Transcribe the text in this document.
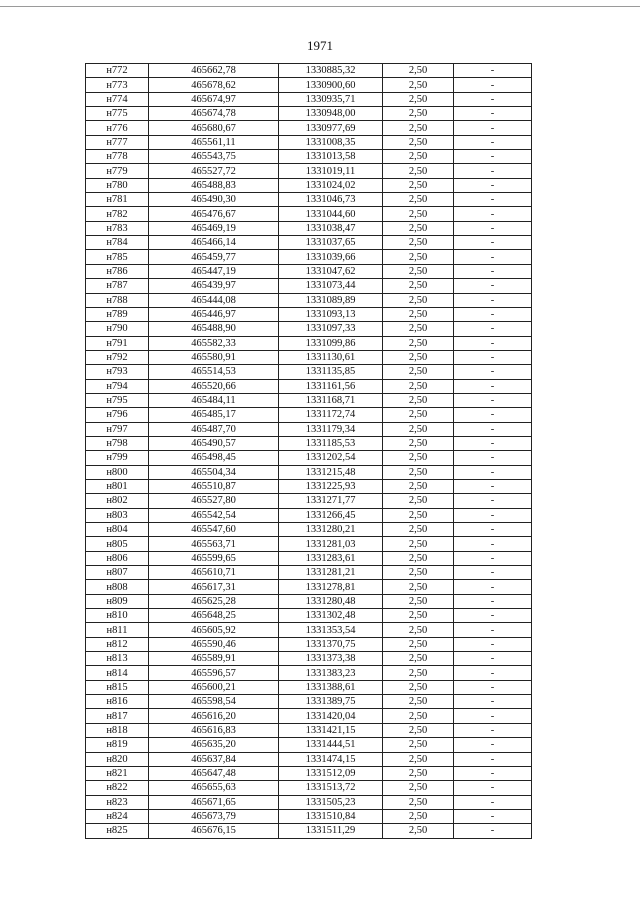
1971
н772	465662,78	1330885,32	2,50	-
н773	465678,62	1330900,60	2,50	-
н774	465674,97	1330935,71	2,50	-
н775	465674,78	1330948,00	2,50	-
н776	465680,67	1330977,69	2,50	-
н777	465561,11	1331008,35	2,50	-
н778	465543,75	1331013,58	2,50	-
н779	465527,72	1331019,11	2,50	-
н780	465488,83	1331024,02	2,50	-
н781	465490,30	1331046,73	2,50	-
н782	465476,67	1331044,60	2,50	-
н783	465469,19	1331038,47	2,50	-
н784	465466,14	1331037,65	2,50	-
н785	465459,77	1331039,66	2,50	-
н786	465447,19	1331047,62	2,50	-
н787	465439,97	1331073,44	2,50	-
н788	465444,08	1331089,89	2,50	-
н789	465446,97	1331093,13	2,50	-
н790	465488,90	1331097,33	2,50	-
н791	465582,33	1331099,86	2,50	-
н792	465580,91	1331130,61	2,50	-
н793	465514,53	1331135,85	2,50	-
н794	465520,66	1331161,56	2,50	-
н795	465484,11	1331168,71	2,50	-
н796	465485,17	1331172,74	2,50	-
н797	465487,70	1331179,34	2,50	-
н798	465490,57	1331185,53	2,50	-
н799	465498,45	1331202,54	2,50	-
н800	465504,34	1331215,48	2,50	-
н801	465510,87	1331225,93	2,50	-
н802	465527,80	1331271,77	2,50	-
н803	465542,54	1331266,45	2,50	-
н804	465547,60	1331280,21	2,50	-
н805	465563,71	1331281,03	2,50	-
н806	465599,65	1331283,61	2,50	-
н807	465610,71	1331281,21	2,50	-
н808	465617,31	1331278,81	2,50	-
н809	465625,28	1331280,48	2,50	-
н810	465648,25	1331302,48	2,50	-
н811	465605,92	1331353,54	2,50	-
н812	465590,46	1331370,75	2,50	-
н813	465589,91	1331373,38	2,50	-
н814	465596,57	1331383,23	2,50	-
н815	465600,21	1331388,61	2,50	-
н816	465598,54	1331389,75	2,50	-
н817	465616,20	1331420,04	2,50	-
н818	465616,83	1331421,15	2,50	-
н819	465635,20	1331444,51	2,50	-
н820	465637,84	1331474,15	2,50	-
н821	465647,48	1331512,09	2,50	-
н822	465655,63	1331513,72	2,50	-
н823	465671,65	1331505,23	2,50	-
н824	465673,79	1331510,84	2,50	-
н825	465676,15	1331511,29	2,50	-
